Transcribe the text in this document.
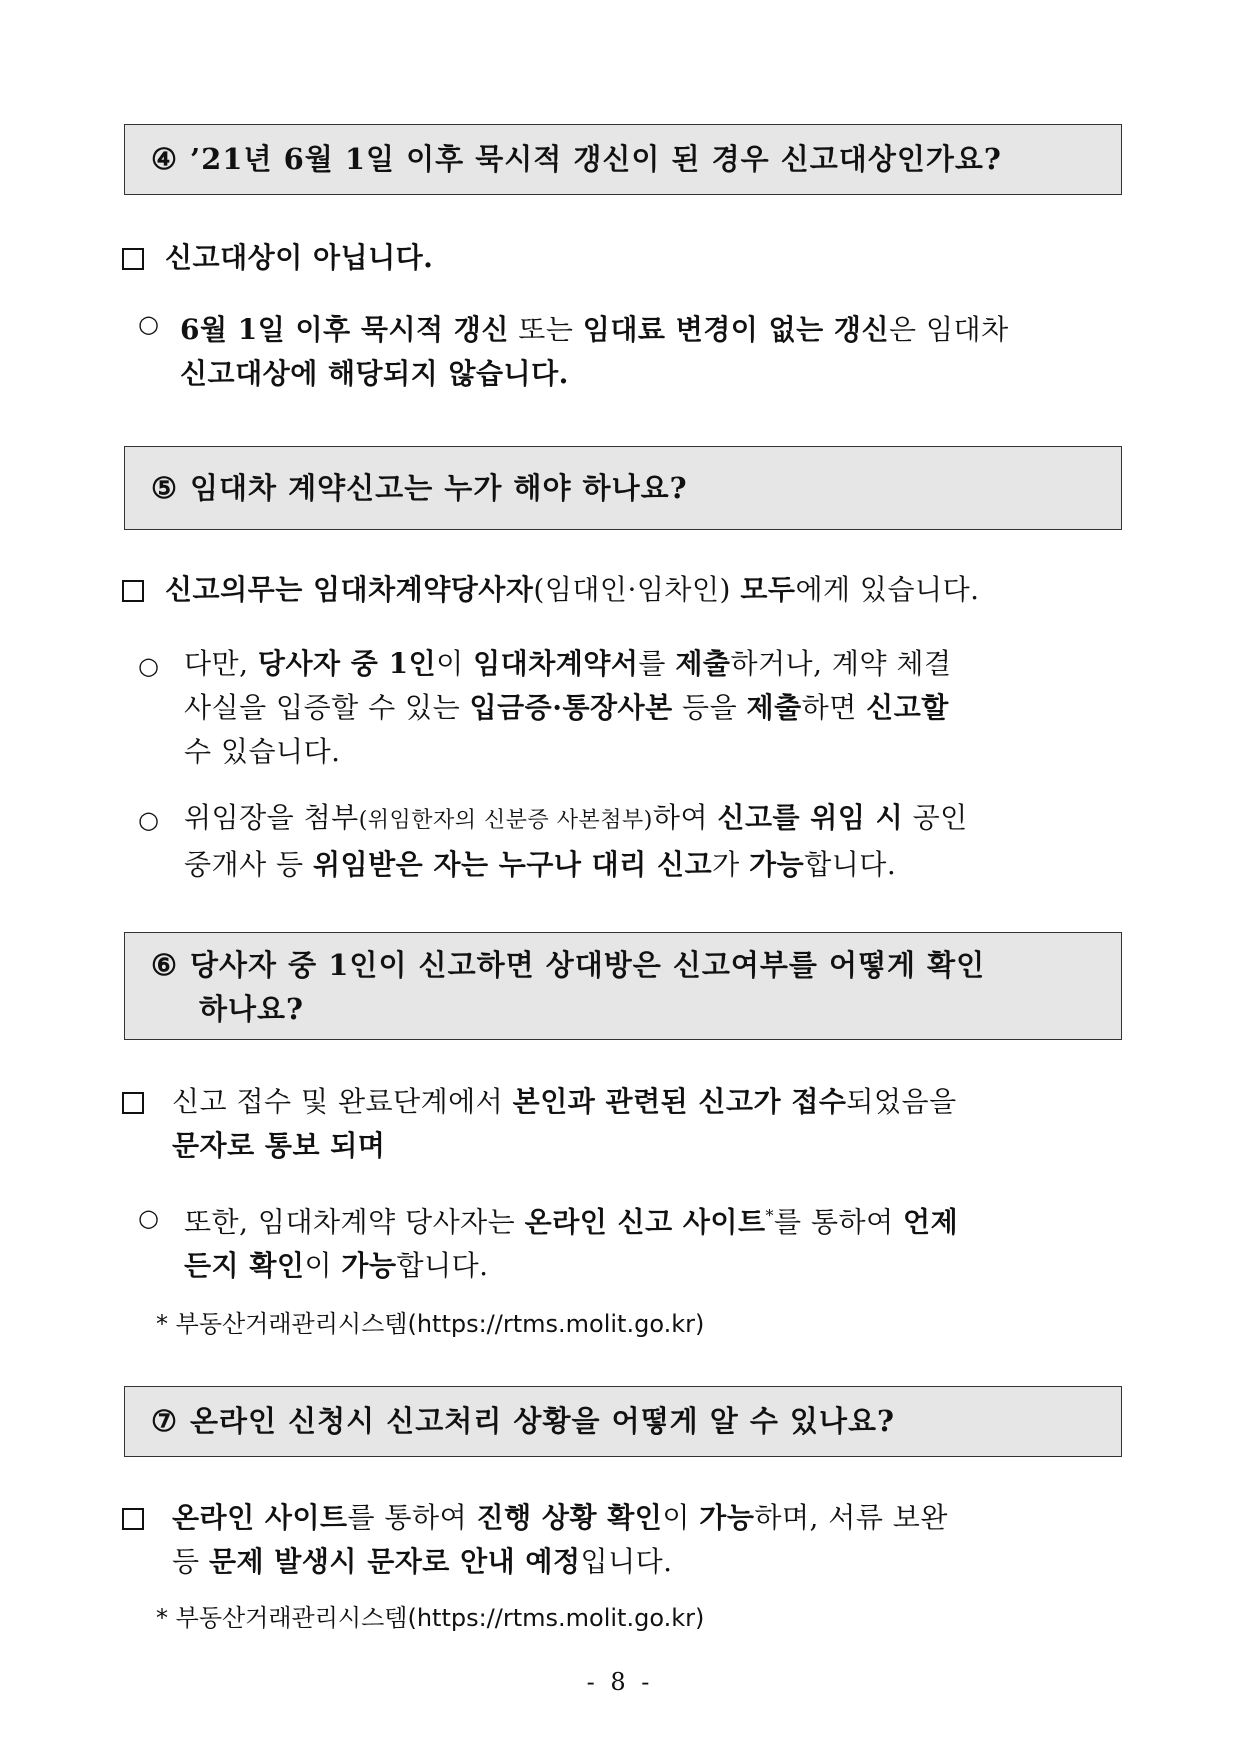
④ ’21년 6월 1일 이후 묵시적 갱신이 된 경우 신고대상인가요?
신고대상이 아닙니다.
○ 6월 1일 이후 묵시적 갱신 또는 임대료 변경이 없는 갱신은 임대차
신고대상에 해당되지 않습니다.
⑤ 임대차 계약신고는 누가 해야 하나요?
신고의무는 임대차계약당사자(임대인·임차인) 모두에게 있습니다.
○ 다만, 당사자 중 1인이 임대차계약서를 제출하거나, 계약 체결
사실을 입증할 수 있는 입금증·통장사본 등을 제출하면 신고할
수 있습니다.
○ 위임장을 첨부(위임한자의 신분증 사본첨부)하여 신고를 위임 시 공인
중개사 등 위임받은 자는 누구나 대리 신고가 가능합니다.
⑥ 당사자 중 1인이 신고하면 상대방은 신고여부를 어떻게 확인
하나요?
신고 접수 및 완료단계에서 본인과 관련된 신고가 접수되었음을
문자로 통보 되며
○ 또한, 임대차계약 당사자는 온라인 신고 사이트*를 통하여 언제
든지 확인이 가능합니다.
* 부동산거래관리시스템(https://rtms.molit.go.kr)
⑦ 온라인 신청시 신고처리 상황을 어떻게 알 수 있나요?
온라인 사이트를 통하여 진행 상황 확인이 가능하며, 서류 보완
등 문제 발생시 문자로 안내 예정입니다.
* 부동산거래관리시스템(https://rtms.molit.go.kr)
- 8 -
